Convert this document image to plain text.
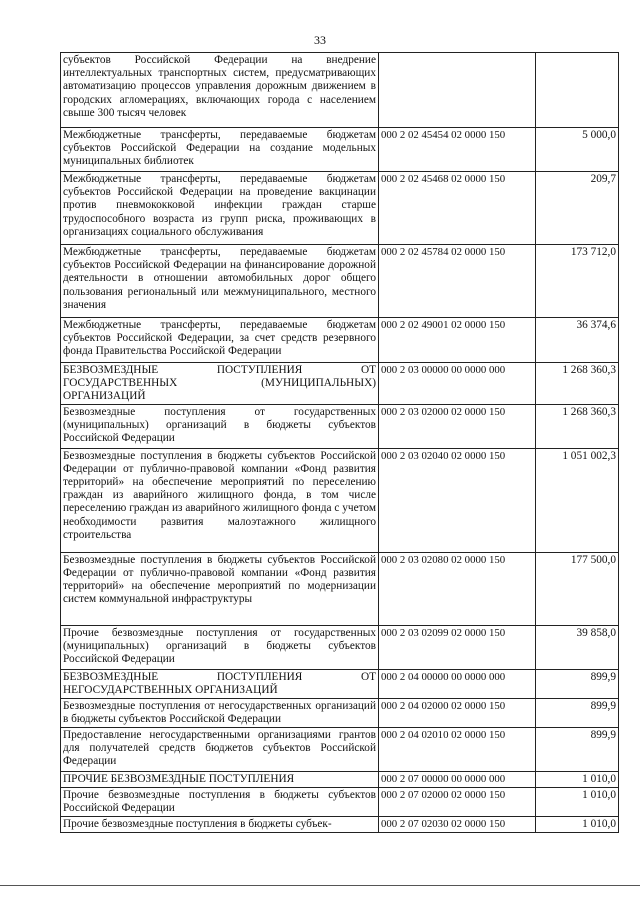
33
субъектов Российской Федерации на внедрение интеллектуальных транспортных систем, предусматривающих автоматизацию процессов управления дорожным движением в городских агломерациях, включающих города с населением свыше 300 тысяч человек		
Межбюджетные трансферты, передаваемые бюджетам субъектов Российской Федерации на создание модельных муниципальных библиотек	000 2 02 45454 02 0000 150	5 000,0
Межбюджетные трансферты, передаваемые бюджетам субъектов Российской Федерации на проведение вакцинации против пневмококковой инфекции граждан старше трудоспособного возраста из групп риска, проживающих в организациях социального обслуживания	000 2 02 45468 02 0000 150	209,7
Межбюджетные трансферты, передаваемые бюджетам субъектов Российской Федерации на финансирование дорожной деятельности в отношении автомобильных дорог общего пользования региональный или межмуниципального, местного значения	000 2 02 45784 02 0000 150	173 712,0
Межбюджетные трансферты, передаваемые бюджетам субъектов Российской Федерации, за счет средств резервного фонда Правительства Российской Федерации	000 2 02 49001 02 0000 150	36 374,6
БЕЗВОЗМЕЗДНЫЕ ПОСТУПЛЕНИЯ ОТ ГОСУДАРСТВЕННЫХ (МУНИЦИПАЛЬНЫХ) ОРГАНИЗАЦИЙ	000 2 03 00000 00 0000 000	1 268 360,3
Безвозмездные поступления от государственных (муниципальных) организаций в бюджеты субъектов Российской Федерации	000 2 03 02000 02 0000 150	1 268 360,3
Безвозмездные поступления в бюджеты субъектов Российской Федерации от публично-правовой компании «Фонд развития территорий» на обеспечение мероприятий по переселению граждан из аварийного жилищного фонда, в том числе переселению граждан из аварийного жилищного фонда с учетом необходимости развития малоэтажного жилищного строительства	000 2 03 02040 02 0000 150	1 051 002,3
Безвозмездные поступления в бюджеты субъектов Российской Федерации от публично-правовой компании «Фонд развития территорий» на обеспечение мероприятий по модернизации систем коммунальной инфраструктуры	000 2 03 02080 02 0000 150	177 500,0
Прочие безвозмездные поступления от государственных (муниципальных) организаций в бюджеты субъектов Российской Федерации	000 2 03 02099 02 0000 150	39 858,0
БЕЗВОЗМЕЗДНЫЕ ПОСТУПЛЕНИЯ ОТ НЕГОСУДАРСТВЕННЫХ ОРГАНИЗАЦИЙ	000 2 04 00000 00 0000 000	899,9
Безвозмездные поступления от негосударственных организаций в бюджеты субъектов Российской Федерации	000 2 04 02000 02 0000 150	899,9
Предоставление негосударственными организациями грантов для получателей средств бюджетов субъектов Российской Федерации	000 2 04 02010 02 0000 150	899,9
ПРОЧИЕ БЕЗВОЗМЕЗДНЫЕ ПОСТУПЛЕНИЯ	000 2 07 00000 00 0000 000	1 010,0
Прочие безвозмездные поступления в бюджеты субъектов Российской Федерации	000 2 07 02000 02 0000 150	1 010,0
Прочие безвозмездные поступления в бюджеты субъек-	000 2 07 02030 02 0000 150	1 010,0
